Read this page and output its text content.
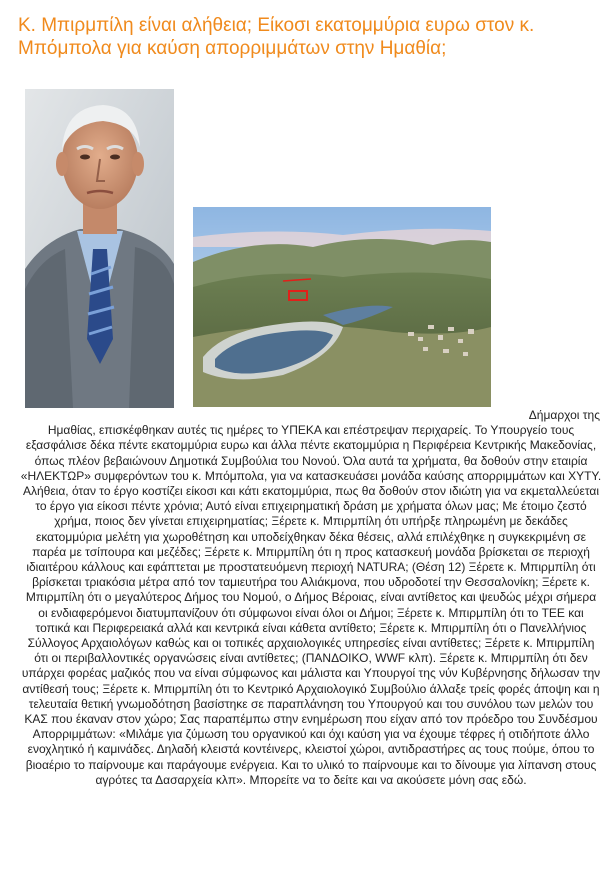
Κ. Μπιρμπίλη είναι αλήθεια; Είκοσι εκατομμύρια ευρω στον κ. Μπόμπολα για καύση απορριμμάτων στην Ημαθία;
Δήμαρχοι της
Ημαθίας, επισκέφθηκαν αυτές τις ημέρες το ΥΠΕΚΑ και επέστρεψαν περιχαρείς. Το Υπουργείο τους εξασφάλισε δέκα πέντε εκατομμύρια ευρω και άλλα πέντε εκατομμύρια η Περιφέρεια Κεντρικής Μακεδονίας, όπως πλέον βεβαιώνουν Δημοτικά Συμβούλια του Νονού. Όλα αυτά τα χρήματα, θα δοθούν στην εταιρία «ΗΛΕΚΤΩΡ» συμφερόντων του κ. Μπόμπολα, για να κατασκευάσει μονάδα καύσης απορριμμάτων και ΧΥΤΥ. Αλήθεια, όταν το έργο κοστίζει είκοσι και κάτι εκατομμύρια, πως θα δοθούν στον ιδιώτη για να εκμεταλλεύεται το έργο για είκοσι πέντε χρόνια; Αυτό είναι επιχειρηματική δράση με χρήματα όλων μας; Με έτοιμο ζεστό χρήμα, ποιος δεν γίνεται επιχειρηματίας; Ξέρετε κ. Μπιρμπίλη ότι υπήρξε πληρωμένη με δεκάδες εκατομμύρια μελέτη για χωροθέτηση και υποδείχθηκαν δέκα θέσεις, αλλά επιλέχθηκε η συγκεκριμένη σε παρέα με τσίπουρα και μεζέδες; Ξέρετε κ. Μπιρμπίλη ότι η προς κατασκευή μονάδα βρίσκεται σε περιοχή ιδιαιτέρου κάλλους και εφάπτεται με προστατευόμενη περιοχή NATURA; (Θέση 12) Ξέρετε κ. Μπιρμπίλη ότι βρίσκεται τριακόσια μέτρα από τον ταμιευτήρα του Αλιάκμονα, που υδροδοτεί την Θεσσαλονίκη; Ξέρετε κ. Μπιρμπίλη ότι ο μεγαλύτερος Δήμος του Νομού, ο Δήμος Βέροιας, είναι αντίθετος και ψευδώς μέχρι σήμερα οι ενδιαφερόμενοι διατυμπανίζουν ότι σύμφωνοι είναι όλοι οι Δήμοι; Ξέρετε κ. Μπιρμπίλη ότι το ΤΕΕ και τοπικά και Περιφερειακά αλλά και κεντρικά είναι κάθετα αντίθετο; Ξέρετε κ. Μπιρμπίλη ότι ο Πανελλήνιος Σύλλογος Αρχαιολόγων καθώς και οι τοπικές αρχαιολογικές υπηρεσίες είναι αντίθετες; Ξέρετε κ. Μπιρμπίλη ότι οι περιβαλλοντικές οργανώσεις είναι αντίθετες; (ΠΑΝΔΟΙΚΟ, WWF κλπ). Ξέρετε κ. Μπιρμπίλη ότι δεν υπάρχει φορέας μαζικός που να είναι σύμφωνος και μάλιστα και Υπουργοί της νύν Κυβέρνησης δήλωσαν την αντίθεσή τους; Ξέρετε κ. Μπιρμπίλη ότι το Κεντρικό Αρχαιολογικό Συμβούλιο άλλαξε τρείς φορές άποψη και η τελευταία θετική γνωμοδότηση βασίστηκε σε παραπλάνηση του Υπουργού και του συνόλου των μελών του ΚΑΣ που έκαναν στον χώρο; Σας παραπέμπω στην ενημέρωση που είχαν από τον πρόεδρο του Συνδέσμου Απορριμμάτων: «Μιλάμε για ζύμωση του οργανικού και όχι καύση για να έχουμε τέφρες ή οτιδήποτε άλλο ενοχλητικό ή καμινάδες. Δηλαδή κλειστά κοντέινερς, κλειστοί χώροι, αντιδραστήρες ας τους πούμε, όπου το βιοαέριο το παίρνουμε και παράγουμε ενέργεια. Και το υλικό το παίρνουμε και το δίνουμε για λίπανση στους αγρότες τα Δασαρχεία κλπ». Μπορείτε να το δείτε και να ακούσετε μόνη σας εδώ.
